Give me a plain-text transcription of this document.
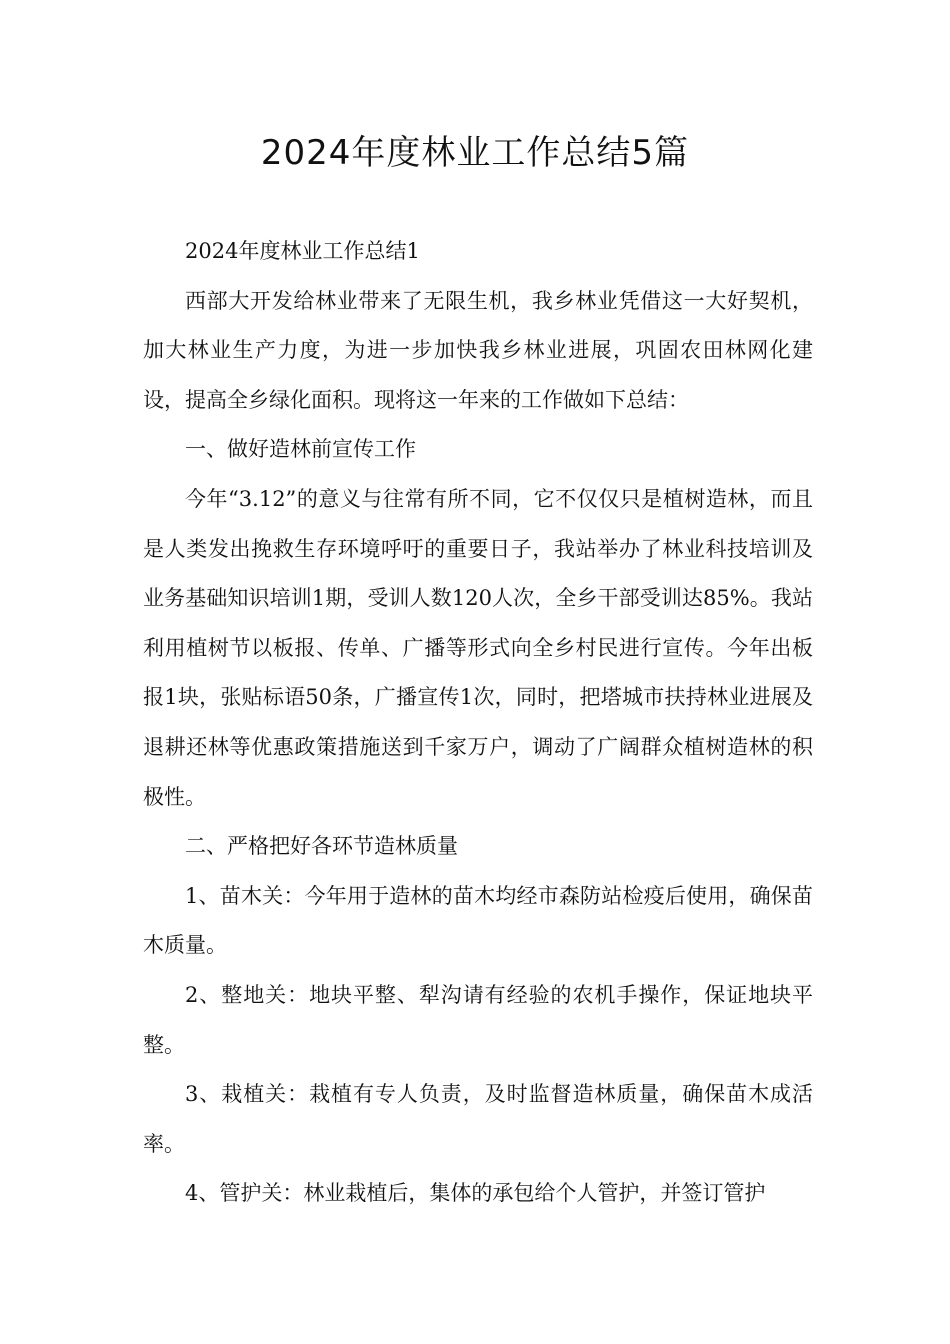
2024年度林业工作总结5篇

2024年度林业工作总结1

西部大开发给林业带来了无限生机，我乡林业凭借这一大好契机，加大林业生产力度，为进一步加快我乡林业进展，巩固农田林网化建设，提高全乡绿化面积。现将这一年来的工作做如下总结：

一、做好造林前宣传工作

今年“3.12”的意义与往常有所不同，它不仅仅只是植树造林，而且是人类发出挽救生存环境呼吁的重要日子，我站举办了林业科技培训及业务基础知识培训1期，受训人数120人次，全乡干部受训达85%。我站利用植树节以板报、传单、广播等形式向全乡村民进行宣传。今年出板报1块，张贴标语50条，广播宣传1次，同时，把塔城市扶持林业进展及退耕还林等优惠政策措施送到千家万户，调动了广阔群众植树造林的积极性。

二、严格把好各环节造林质量

1、苗木关：今年用于造林的苗木均经市森防站检疫后使用，确保苗木质量。

2、整地关：地块平整、犁沟请有经验的农机手操作，保证地块平整。

3、栽植关：栽植有专人负责，及时监督造林质量，确保苗木成活率。

4、管护关：林业栽植后，集体的承包给个人管护，并签订管护
